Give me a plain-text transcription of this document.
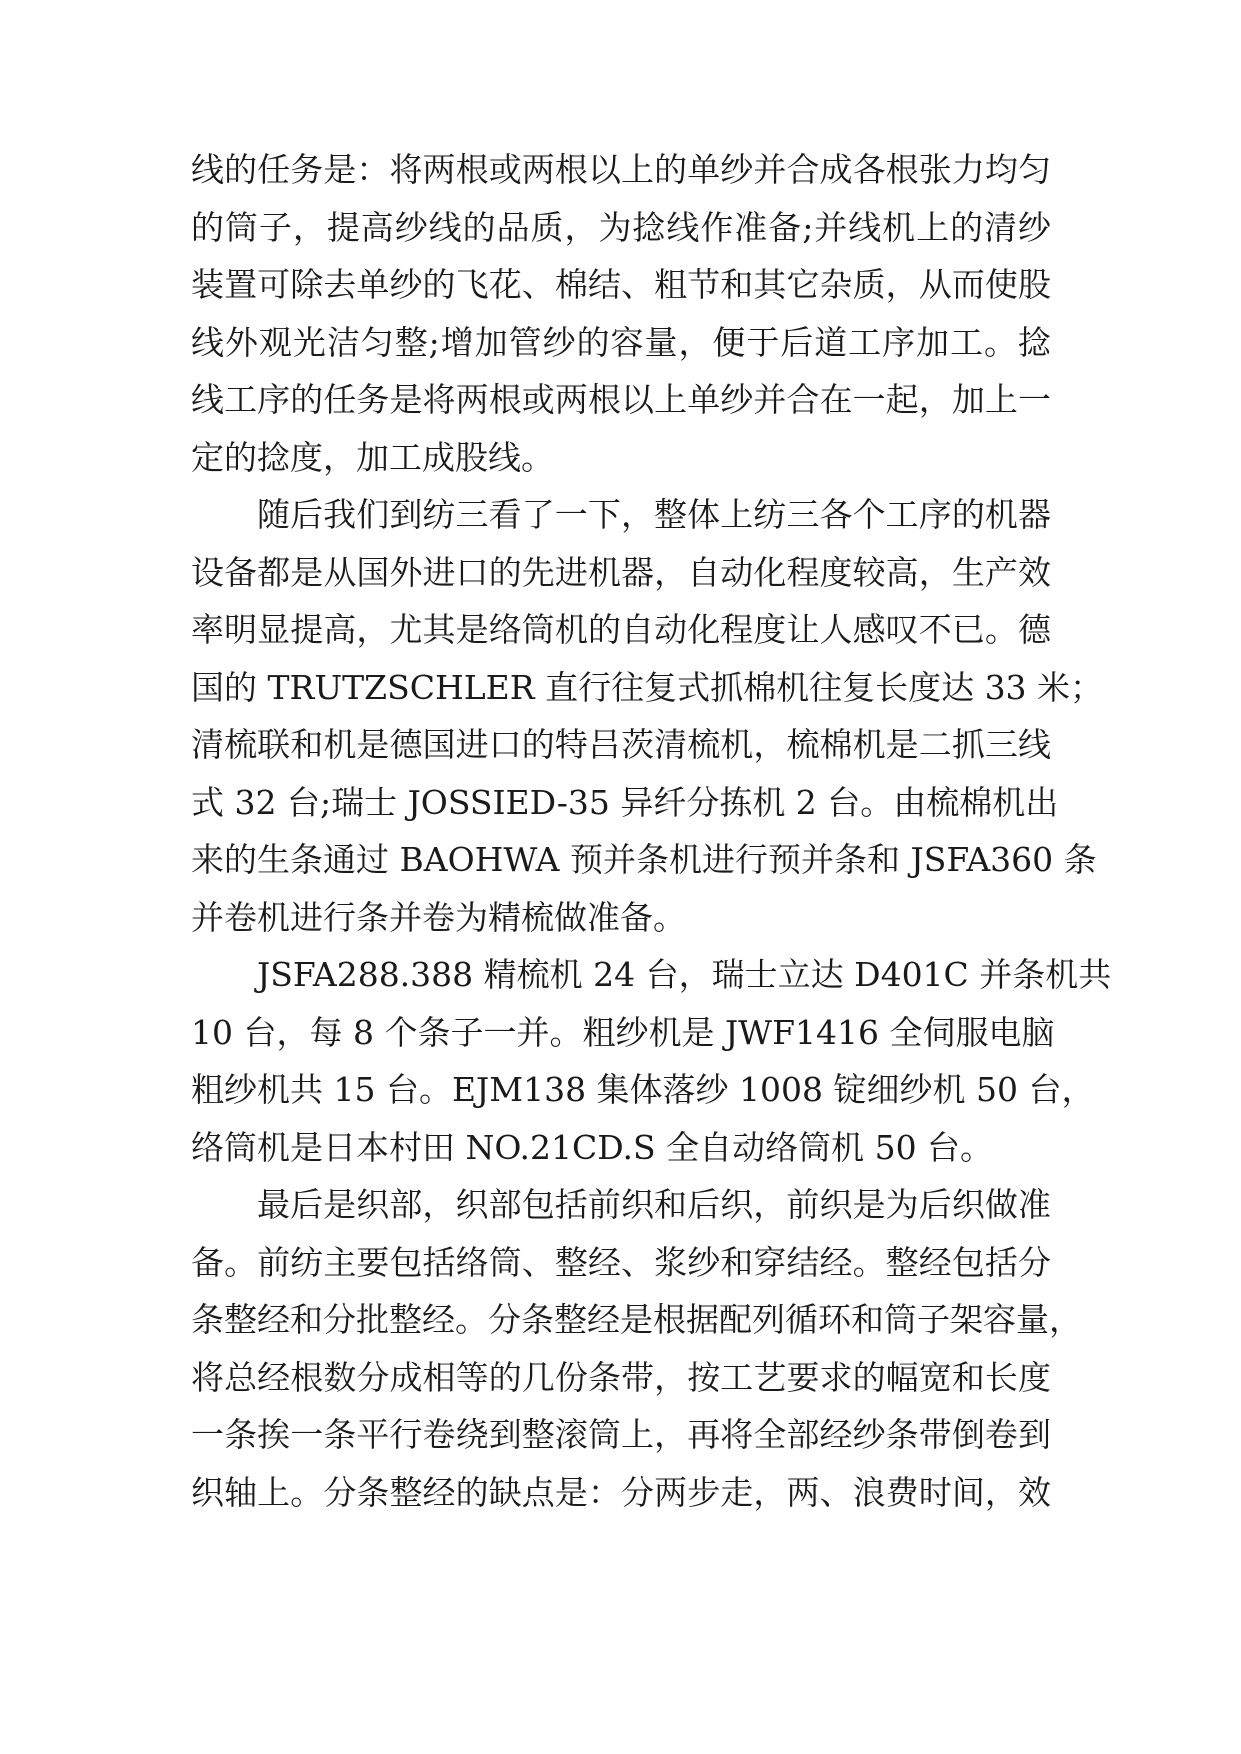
线的任务是：将两根或两根以上的单纱并合成各根张力均匀
的筒子，提高纱线的品质，为捻线作准备;并线机上的清纱
装置可除去单纱的飞花、棉结、粗节和其它杂质，从而使股
线外观光洁匀整;增加管纱的容量，便于后道工序加工。捻
线工序的任务是将两根或两根以上单纱并合在一起，加上一
定的捻度，加工成股线。
随后我们到纺三看了一下，整体上纺三各个工序的机器
设备都是从国外进口的先进机器，自动化程度较高，生产效
率明显提高，尤其是络筒机的自动化程度让人感叹不已。德
国的 TRUTZSCHLER 直行往复式抓棉机往复长度达 33 米；
清梳联和机是德国进口的特吕茨清梳机，梳棉机是二抓三线
式 32 台;瑞士 JOSSIED-35 异纤分拣机 2 台。由梳棉机出
来的生条通过 BAOHWA 预并条机进行预并条和 JSFA360 条
并卷机进行条并卷为精梳做准备。
JSFA288.388 精梳机 24 台，瑞士立达 D401C 并条机共
10 台，每 8 个条子一并。粗纱机是 JWF1416 全伺服电脑
粗纱机共 15 台。EJM138 集体落纱 1008 锭细纱机 50 台，
络筒机是日本村田 NO.21CD.S 全自动络筒机 50 台。
最后是织部，织部包括前织和后织，前织是为后织做准
备。前纺主要包括络筒、整经、浆纱和穿结经。整经包括分
条整经和分批整经。分条整经是根据配列循环和筒子架容量，
将总经根数分成相等的几份条带，按工艺要求的幅宽和长度
一条挨一条平行卷绕到整滚筒上，再将全部经纱条带倒卷到
织轴上。分条整经的缺点是：分两步走，两、浪费时间，效
